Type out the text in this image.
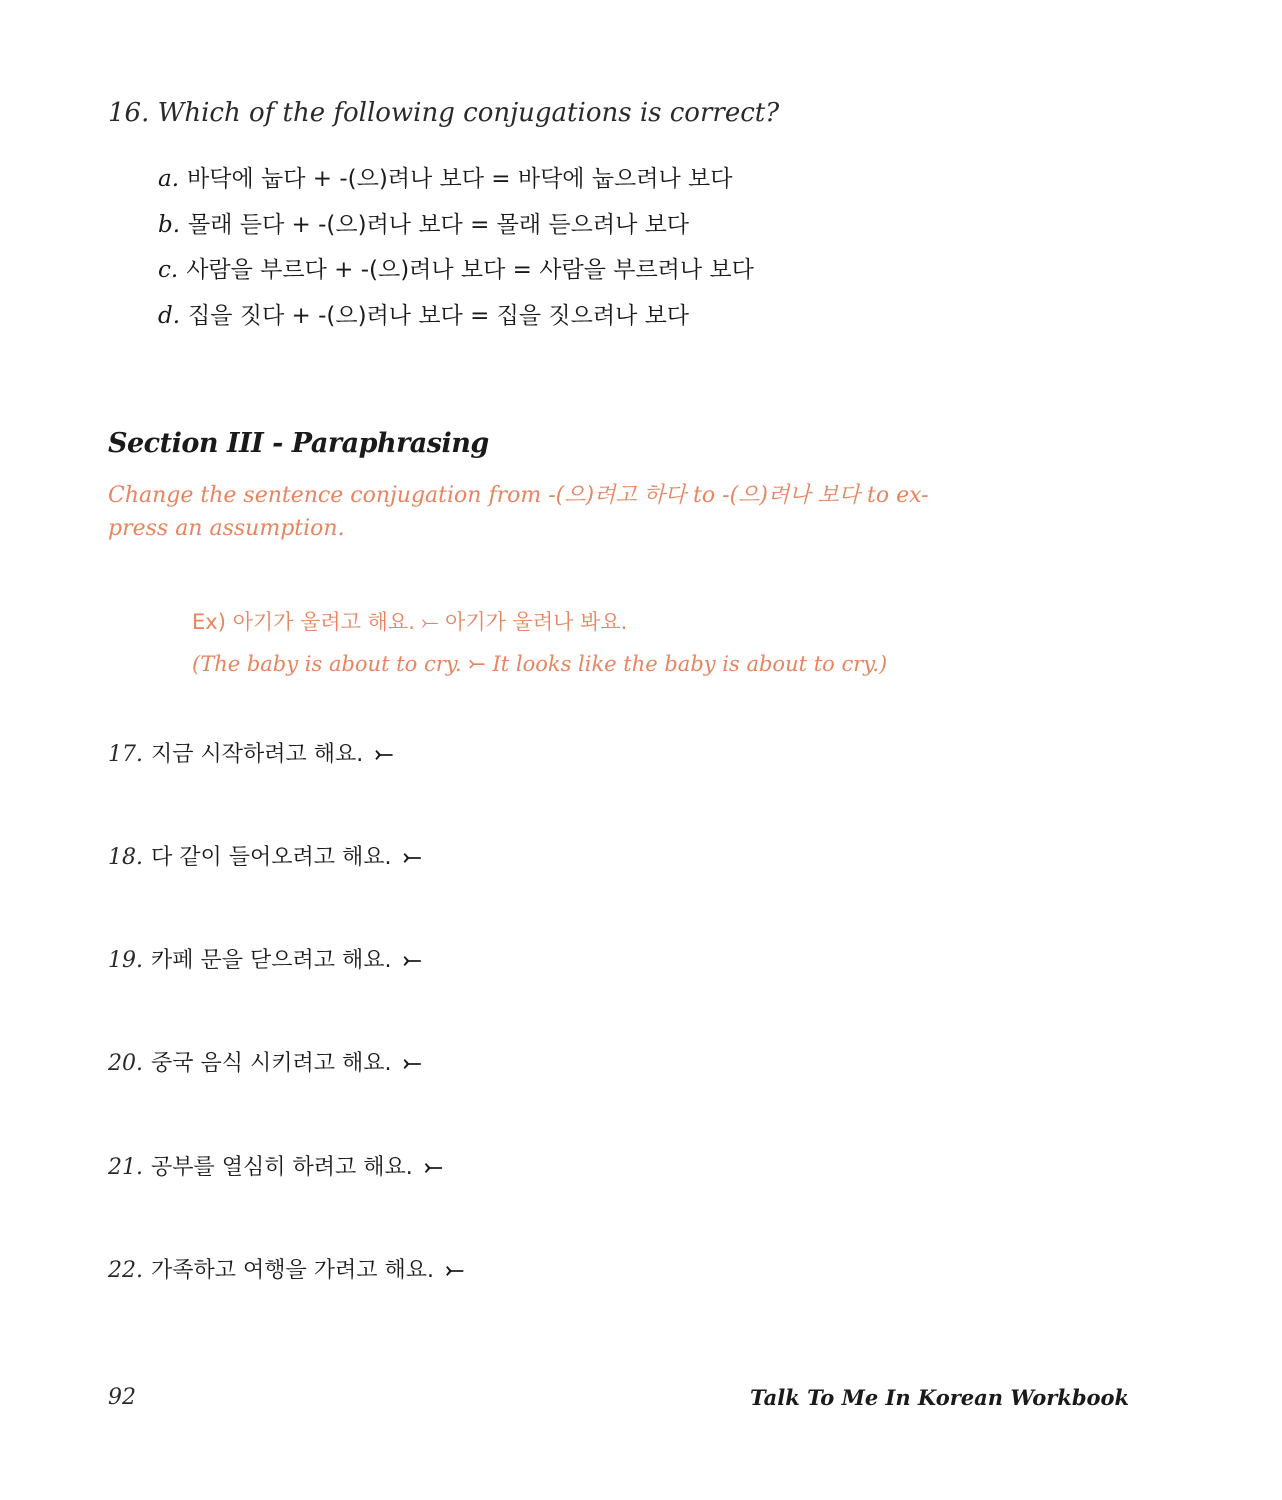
16. Which of the following conjugations is correct?
a. 바닥에 눕다 + -(으)려나 보다 = 바닥에 눕으려나 보다
b. 몰래 듣다 + -(으)려나 보다 = 몰래 듣으려나 보다
c. 사람을 부르다 + -(으)려나 보다 = 사람을 부르려나 보다
d. 집을 짓다 + -(으)려나 보다 = 집을 짓으려나 보다
Section III - Paraphrasing
Change the sentence conjugation from -(으)려고 하다 to -(으)려나 보다 to ex-
press an assumption.
Ex) 아기가 울려고 해요. ⤚ 아기가 울려나 봐요.
(The baby is about to cry. ⤚ It looks like the baby is about to cry.)
17. 지금 시작하려고 해요. ⤚
18. 다 같이 들어오려고 해요. ⤚
19. 카페 문을 닫으려고 해요. ⤚
20. 중국 음식 시키려고 해요. ⤚
21. 공부를 열심히 하려고 해요. ⤚
22. 가족하고 여행을 가려고 해요. ⤚
92	Talk To Me In Korean Workbook
